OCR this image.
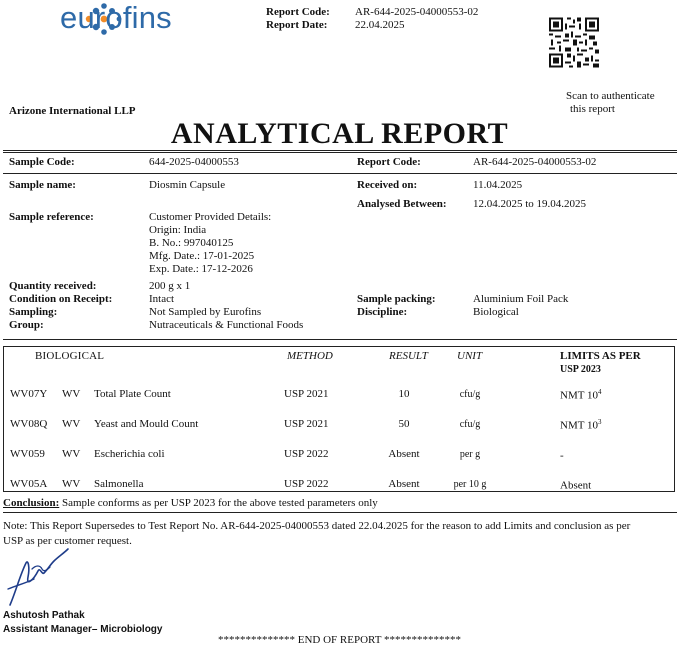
eurofins	Report Code: AR-644-2025-04000553-02
Report Date:	22.04.2025
Scan to authenticate
this report
Arizone International LLP
ANALYTICAL REPORT
Sample Code:	644-2025-04000553	Report Code:	AR-644-2025-04000553-02
Sample name:	Diosmin Capsule	Received on:	11.04.2025
Analysed Between: 12.04.2025 to 19.04.2025
Sample reference:	Customer Provided Details:
Origin: India
B. No.: 997040125
Mfg. Date.: 17-01-2025
Exp. Date.: 17-12-2026
Quantity received:	200 g x 1
Condition on Receipt:	Intact	Sample packing:	Aluminium Foil Pack
Sampling:	Not Sampled by Eurofins	Discipline:	Biological
Group:	Nutraceuticals & Functional Foods
BIOLOGICAL	METHOD	RESULT	UNIT	LIMITS AS PER
USP 2023
WV07Y WV Total Plate Count	USP 2021	10	cfu/g	NMT $10^4$
WV08Q WV Yeast and Mould Count	USP 2021	50	cfu/g	NMT $10^3$
WV059 WV Escherichia coli	USP 2022	Absent	per g	-
WV05A WV Salmonella	USP 2022	Absent	per 10 g	Absent
Conclusion: Sample conforms as per USP 2023 for the above tested parameters only
Note: This Report Supersedes to Test Report No. AR-644-2025-04000553 dated 22.04.2025 for the reason to add Limits and conclusion as per
USP as per customer request.
Ashutosh Pathak
Assistant Manager– Microbiology
************** END OF REPORT **************
